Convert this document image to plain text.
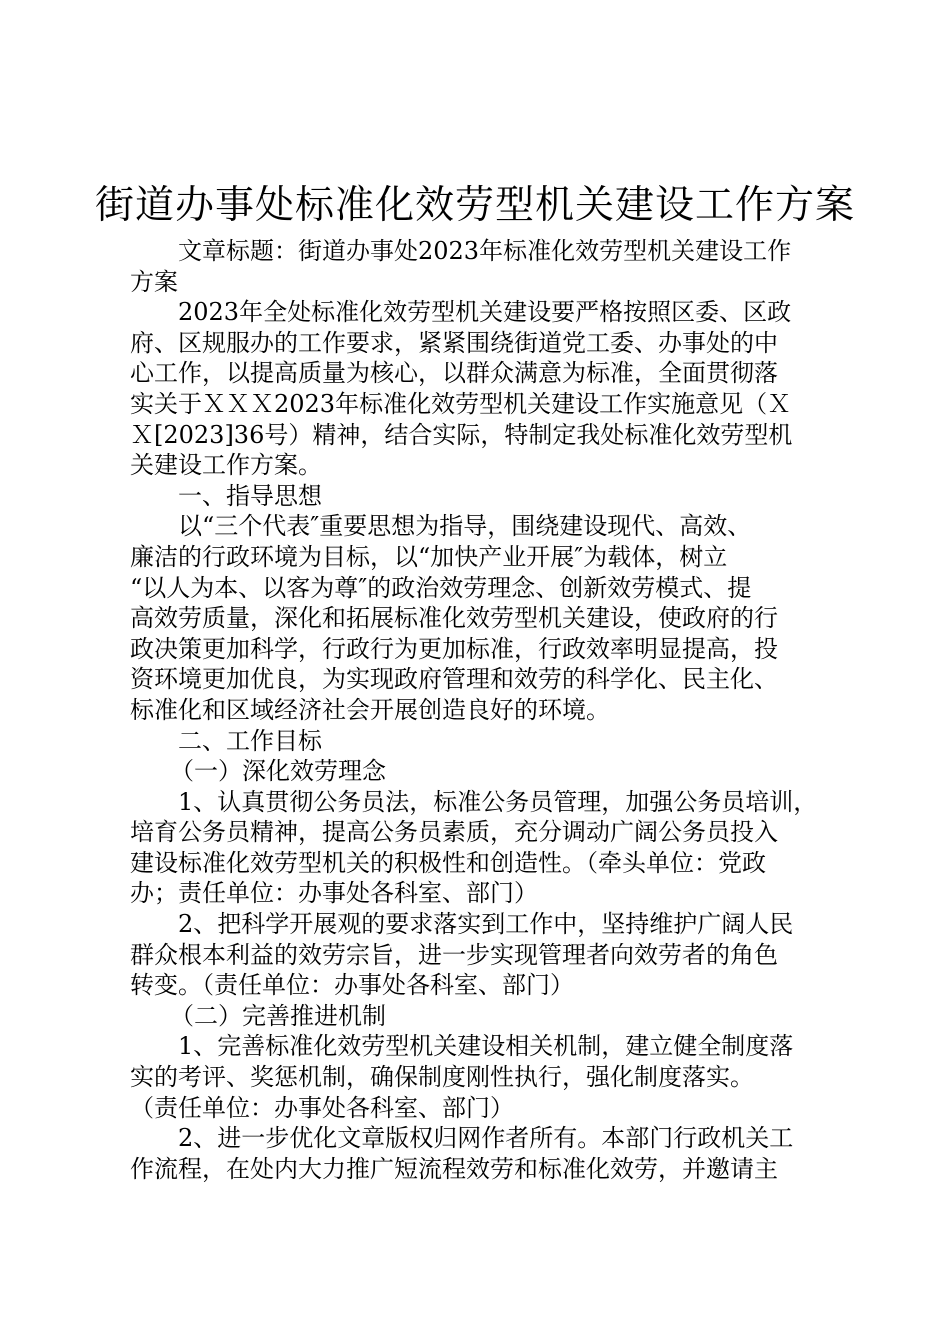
街道办事处标准化效劳型机关建设工作方案
文章标题：街道办事处2023年标准化效劳型机关建设工作
方案
2023年全处标准化效劳型机关建设要严格按照区委、区政
府、区规服办的工作要求，紧紧围绕街道党工委、办事处的中
心工作，以提高质量为核心，以群众满意为标准，全面贯彻落
实关于ＸＸＸ2023年标准化效劳型机关建设工作实施意见（Ｘ
Ｘ[2023]36号）精神，结合实际，特制定我处标准化效劳型机
关建设工作方案。
一、指导思想
以“三个代表″重要思想为指导，围绕建设现代、高效、
廉洁的行政环境为目标，以“加快产业开展″为载体，树立
“以人为本、以客为尊″的政治效劳理念、创新效劳模式、提
高效劳质量，深化和拓展标准化效劳型机关建设，使政府的行
政决策更加科学，行政行为更加标准，行政效率明显提高，投
资环境更加优良，为实现政府管理和效劳的科学化、民主化、
标准化和区域经济社会开展创造良好的环境。
二、工作目标
（一）深化效劳理念
1、认真贯彻公务员法，标准公务员管理，加强公务员培训，
培育公务员精神，提高公务员素质，充分调动广阔公务员投入
建设标准化效劳型机关的积极性和创造性。（牵头单位：党政
办；责任单位：办事处各科室、部门）
2、把科学开展观的要求落实到工作中，坚持维护广阔人民
群众根本利益的效劳宗旨，进一步实现管理者向效劳者的角色
转变。（责任单位：办事处各科室、部门）
（二）完善推进机制
1、完善标准化效劳型机关建设相关机制，建立健全制度落
实的考评、奖惩机制，确保制度刚性执行，强化制度落实。
（责任单位：办事处各科室、部门）
2、进一步优化文章版权归网作者所有。本部门行政机关工
作流程，在处内大力推广短流程效劳和标准化效劳，并邀请主
